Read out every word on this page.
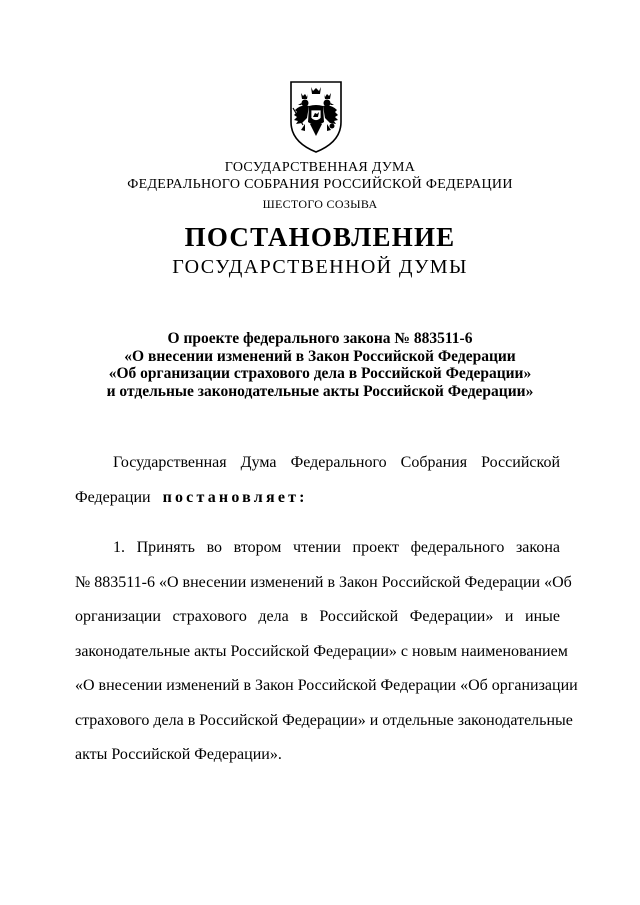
ГОСУДАРСТВЕННАЯ ДУМА
ФЕДЕРАЛЬНОГО СОБРАНИЯ РОССИЙСКОЙ ФЕДЕРАЦИИ
ШЕСТОГО СОЗЫВА
ПОСТАНОВЛЕНИЕ
ГОСУДАРСТВЕННОЙ ДУМЫ
О проекте федерального закона № 883511-6
«О внесении изменений в Закон Российской Федерации
«Об организации страхового дела в Российской Федерации»
и отдельные законодательные акты Российской Федерации»
Государственная Дума Федерального Собрания Российской
Федерации постановляет:
1. Принять во втором чтении проект федерального закона
№ 883511-6 «О внесении изменений в Закон Российской Федерации «Об
организации страхового дела в Российской Федерации» и иные
законодательные акты Российской Федерации» с новым наименованием
«О внесении изменений в Закон Российской Федерации «Об организации
страхового дела в Российской Федерации» и отдельные законодательные
акты Российской Федерации».
